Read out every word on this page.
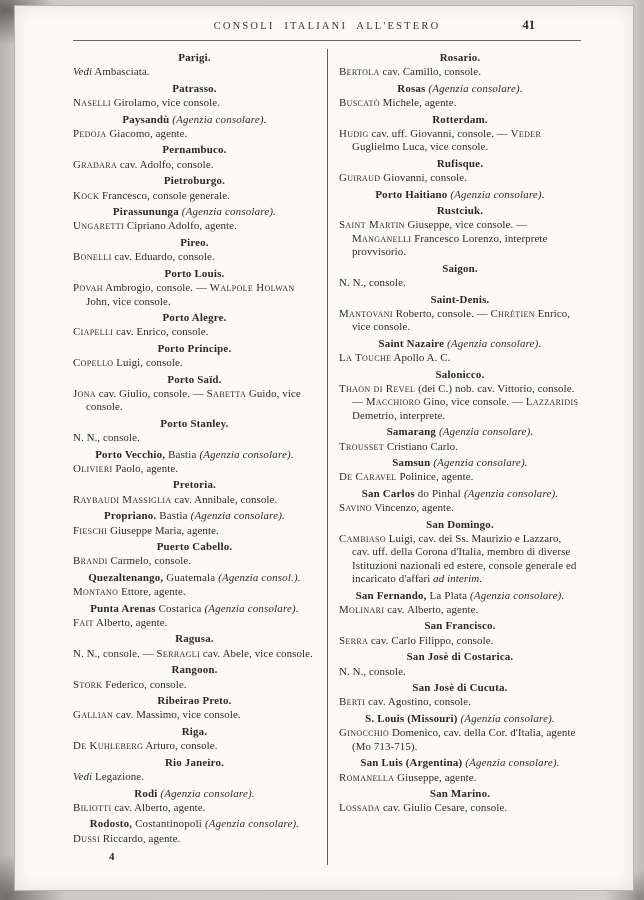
CONSOLI ITALIANI ALL'ESTERO	41
Parigi.
Vedi Ambasciata.
Patrasso.
Naselli Girolamo, vice console.
Paysandù (Agenzia consolare).
Pedoja Giacomo, agente.
Pernambuco.
Gradara cav. Adolfo, console.
Pietroburgo.
Kock Francesco, console generale.
Pirassununga (Agenzia consolare).
Ungaretti Cipriano Adolfo, agente.
Pireo.
Bonelli cav. Eduardo, console.
Porto Louis.
Povah Ambrogio, console. — Walpole Holwan John, vice console.
Porto Alegre.
Ciapelli cav. Enrico, console.
Porto Principe.
Copello Luigi, console.
Porto Saïd.
Jona cav. Giulio, console. — Sabetta Guido, vice console.
Porto Stanley.
N. N., console.
Porto Vecchio, Bastia (Agenzia consolare).
Olivieri Paolo, agente.
Pretoria.
Raybaudi Massiglia cav. Annibale, console.
Propriano. Bastia (Agenzia consolare).
Fieschi Giuseppe Maria, agente.
Puerto Cabello.
Brandi Carmelo, console.
Quezaltenango, Guatemala (Agenzia consol.).
Montano Ettore, agente.
Punta Arenas Costarica (Agenzia consolare).
Fait Alberto, agente.
Ragusa.
N. N., console. — Serragli cav. Abele, vice console.
Rangoon.
Stork Federico, console.
Ribeirao Preto.
Gallian cav. Massimo, vice console.
Riga.
De Kuhleberg Arturo, console.
Rio Janeiro.
Vedi Legazione.
Rodi (Agenzia consolare).
Biliotti cav. Alberto, agente.
Rodosto, Costantinopoli (Agenzia consolare).
Dussi Riccardo, agente.
4
Rosario.
Bertola cav. Camillo, console.
Rosas (Agenzia consolare).
Buscatò Michele, agente.
Rotterdam.
Hudig cav. uff. Giovanni, console. — Veder Guglielmo Luca, vice console.
Rufisque.
Guiraud Giovanni, console.
Porto Haitiano (Agenzia consolare).
Rustciuk.
Saint Martin Giuseppe, vice console. — Manganelli Francesco Lorenzo, interprete provvisorio.
Saigon.
N. N., console.
Saint-Denis.
Mantovani Roberto, console. — Chrétien Enrico, vice console.
Saint Nazaire (Agenzia consolare).
La Touche Apollo A. C.
Salonicco.
Thaon di Revel (dei C.) nob. cav. Vittorio, console. — Macchioro Gino, vice console. — Lazzaridis Demetrio, interprete.
Samarang (Agenzia consolare).
Trousset Cristiano Carlo.
Samsun (Agenzia consolare).
De Caravel Polinice, agente.
San Carlos do Pinhal (Agenzia consolare).
Savino Vincenzo, agente.
San Domingo.
Cambiaso Luigi, cav. dei Ss. Maurizio e Lazzaro, cav. uff. della Corona d'Italia, membro di diverse Istituzioni nazionali ed estere, console generale ed incaricato d'affari ad interim.
San Fernando, La Plata (Agenzia consolare).
Molinari cav. Alberto, agente.
San Francisco.
Serra cav. Carlo Filippo, console.
San Josè di Costarica.
N. N., console.
San Josè di Cucuta.
Berti cav. Agostino, console.
S. Louis (Missouri) (Agenzia consolare).
Ginocchio Domenico, cav. della Cor. d'Italia, agente (Mo 713-715).
San Luis (Argentina) (Agenzia consolare).
Romanella Giuseppe, agente.
San Marino.
Lossada cav. Giulio Cesare, console.
